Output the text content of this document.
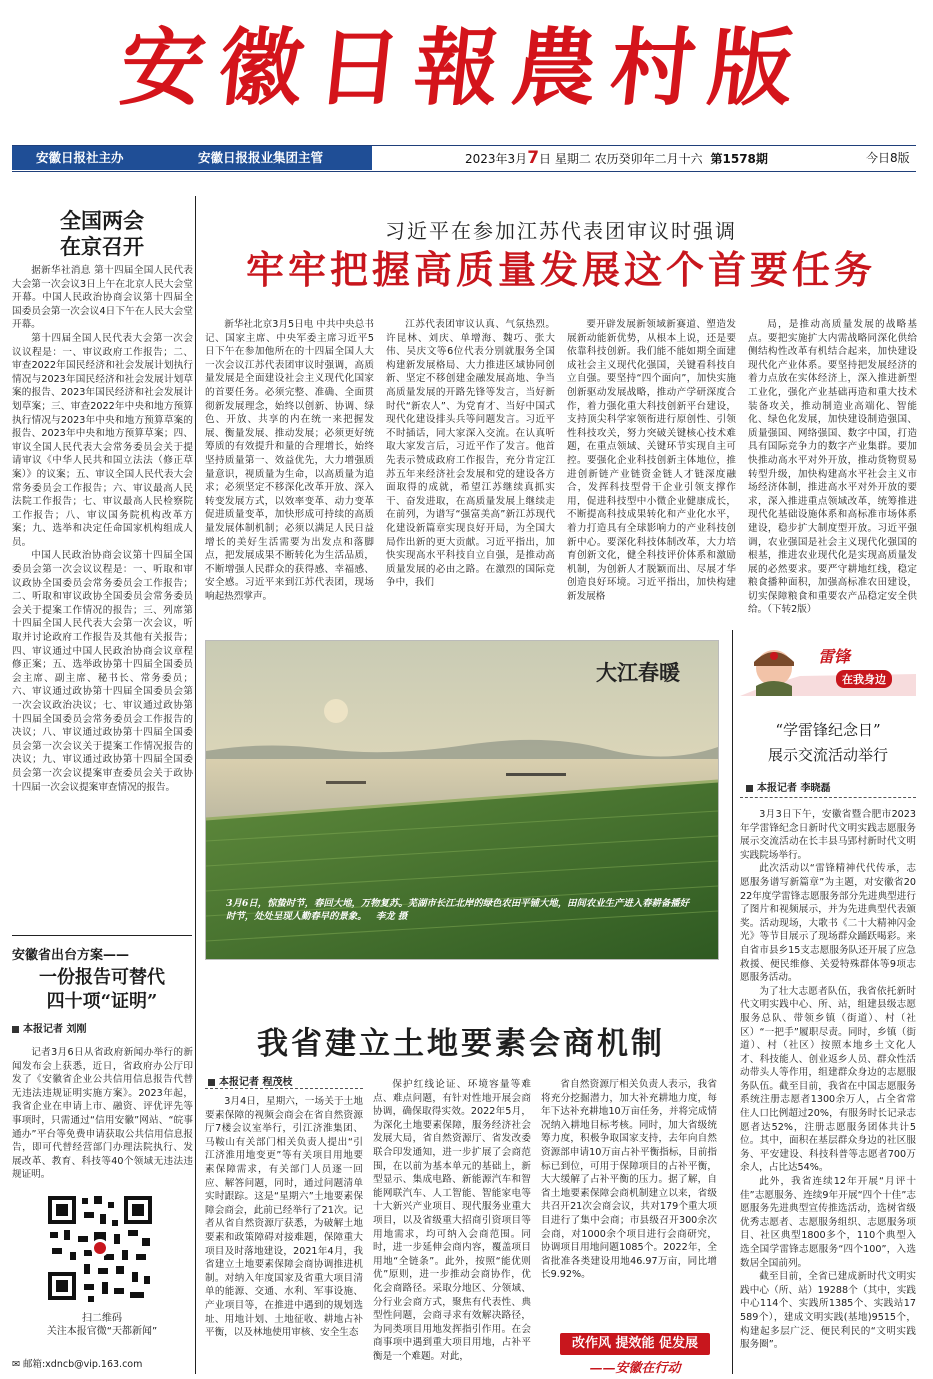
安徽日報農村版
安徽日报社主办	安徽日报报业集团主管	2023年3月7日 星期二 农历癸卯年二月十六 第1578期	今日8版
全国两会
在京召开

据新华社消息 第十四届全国人民代表大会第一次会议3日上午在北京人民大会堂开幕。中国人民政治协商会议第十四届全国委员会第一次会议4日下午在人民大会堂开幕。

第十四届全国人民代表大会第一次会议议程是：一、审议政府工作报告；二、审查2022年国民经济和社会发展计划执行情况与2023年国民经济和社会发展计划草案的报告、2023年国民经济和社会发展计划草案；三、审查2022年中央和地方预算执行情况与2023年中央和地方预算草案的报告、2023年中央和地方预算草案；四、审议全国人民代表大会常务委员会关于提请审议《中华人民共和国立法法（修正草案）》的议案；五、审议全国人民代表大会常务委员会工作报告；六、审议最高人民法院工作报告；七、审议最高人民检察院工作报告；八、审议国务院机构改革方案；九、选举和决定任命国家机构组成人员。

中国人民政治协商会议第十四届全国委员会第一次会议议程是：一、听取和审议政协全国委员会常务委员会工作报告；二、听取和审议政协全国委员会常务委员会关于提案工作情况的报告；三、列席第十四届全国人民代表大会第一次会议，听取并讨论政府工作报告及其他有关报告；四、审议通过中国人民政治协商会议章程修正案；五、选举政协第十四届全国委员会主席、副主席、秘书长、常务委员；六、审议通过政协第十四届全国委员会第一次会议政治决议；七、审议通过政协第十四届全国委员会常务委员会工作报告的决议；八、审议通过政协第十四届全国委员会第一次会议关于提案工作情况报告的决议；九、审议通过政协第十四届全国委员会第一次会议提案审查委员会关于政协十四届一次会议提案审查情况的报告。

安徽省出台方案——
一份报告可替代
四十项“证明”
本报记者 刘刚

记者3月6日从省政府新闻办举行的新闻发布会上获悉，近日，省政府办公厅印发了《安徽省企业公共信用信息报告代替无违法违规证明实施方案》。2023年起，我省企业在申请上市、融资、评优评先等事项时，只需通过“信用安徽”网站、“皖事通办”平台等免费申请获取公共信用信息报告，即可代替经营部门办理法院执行、发展改革、教育、科技等40个领域无违法违规证明。

扫二维码
关注本报官微“天都新闻”
✉ 邮箱:xdncb@vip.163.com
习近平在参加江苏代表团审议时强调
牢牢把握高质量发展这个首要任务

新华社北京3月5日电 中共中央总书记、国家主席、中央军委主席习近平5日下午在参加他所在的十四届全国人大一次会议江苏代表团审议时强调，高质量发展是全面建设社会主义现代化国家的首要任务。必须完整、准确、全面贯彻新发展理念，始终以创新、协调、绿色、开放、共享的内在统一来把握发展、衡量发展、推动发展；必须更好统筹质的有效提升和量的合理增长，始终坚持质量第一、效益优先，大力增强质量意识，视质量为生命，以高质量为追求；必须坚定不移深化改革开放、深入转变发展方式，以效率变革、动力变革促进质量变革，加快形成可持续的高质量发展体制机制；必须以满足人民日益增长的美好生活需要为出发点和落脚点，把发展成果不断转化为生活品质，不断增强人民群众的获得感、幸福感、安全感。习近平来到江苏代表团，现场响起热烈掌声。

江苏代表团审议认真、气氛热烈。许昆林、刘庆、单增海、魏巧、张大伟、吴庆文等6位代表分别就服务全国构建新发展格局、大力推进区域协同创新、坚定不移创建金融发展高地、争当高质量发展的开路先锋等发言，当好新时代“新农人”、为党育才、当好中国式现代化建设排头兵等问题发言。习近平不时插话，同大家深入交流。在认真听取大家发言后，习近平作了发言。他首先表示赞成政府工作报告，充分肯定江苏五年来经济社会发展和党的建设各方面取得的成就，希望江苏继续真抓实干、奋发进取，在高质量发展上继续走在前列，为谱写“强富美高”新江苏现代化建设新篇章实现良好开局，为全国大局作出新的更大贡献。习近平指出，加快实现高水平科技自立自强，是推动高质量发展的必由之路。在激烈的国际竞争中，我们

要开辟发展新领域新赛道、塑造发展新动能新优势，从根本上说，还是要依靠科技创新。我们能不能如期全面建成社会主义现代化强国，关键看科技自立自强。要坚持“四个面向”，加快实施创新驱动发展战略，推动产学研深度合作，着力强化重大科技创新平台建设，支持顶尖科学家领衔进行原创性、引领性科技攻关，努力突破关键核心技术难题，在重点领域、关键环节实现自主可控。要强化企业科技创新主体地位，推进创新链产业链资金链人才链深度融合，发挥科技型骨干企业引领支撑作用，促进科技型中小微企业健康成长，不断提高科技成果转化和产业化水平，着力打造具有全球影响力的产业科技创新中心。要深化科技体制改革，大力培育创新文化，健全科技评价体系和激励机制，为创新人才脱颖而出、尽展才华创造良好环境。习近平指出，加快构建新发展格

局，是推动高质量发展的战略基点。要把实施扩大内需战略同深化供给侧结构性改革有机结合起来，加快建设现代化产业体系。要坚持把发展经济的着力点放在实体经济上，深入推进新型工业化，强化产业基础再造和重大技术装备攻关，推动制造业高端化、智能化、绿色化发展，加快建设制造强国、质量强国、网络强国、数字中国，打造具有国际竞争力的数字产业集群。要加快推动高水平对外开放，推动货物贸易转型升级，加快构建高水平社会主义市场经济体制，推进高水平对外开放的要求，深入推进重点领域改革，统筹推进现代化基础设施体系和高标准市场体系建设，稳步扩大制度型开放。习近平强调，农业强国是社会主义现代化强国的根基，推进农业现代化是实现高质量发展的必然要求。要严守耕地红线，稳定粮食播种面积，加强高标准农田建设，切实保障粮食和重要农产品稳定安全供给。（下转2版）

大江春暖
3月6日，惊蛰时节，春回大地，万物复苏。芜湖市长江北岸的绿色农田平铺大地，田间农业生产进入春耕备播好时节，处处呈现人勤春早的景象。 李龙 摄
我省建立土地要素会商机制
本报记者 程茂枝

3月4日，星期六，一场关于土地要素保障的视频会商会在省自然资源厅7楼会议室举行，引江济淮集团、马鞍山有关部门相关负责人提出“引江济淮用地变更”等有关项目用地要素保障需求，有关部门人员逐一回应、解答问题，同时，通过问题清单实时跟踪。这是“星期六”土地要素保障会商会，此前已经举行了21次。记者从省自然资源厅获悉，为破解土地要素和政策障碍对接难题，保障重大项目及时落地建设，2021年4月，我省建立土地要素保障会商协调推进机制。对纳入年度国家及省重大项目清单的能源、交通、水利、军事设施、产业项目等，在推进中遇到的规划选址、用地计划、土地征收、耕地占补平衡，以及林地使用审核、安全生态

保护红线论证、环境容量等难点、难点问题，有针对性地开展会商协调，确保取得实效。2022年5月，为深化土地要素保障，服务经济社会发展大局，省自然资源厅、省发改委联合印发通知，进一步扩展了会商范围，在以前为基本单元的基础上，新型显示、集成电路、新能源汽车和智能网联汽车、人工智能、智能家电等十大新兴产业项目、现代服务业重大项目，以及省级重大招商引资项目等用地需求，均可纳入会商范围。同时，进一步延伸会商内容，覆盖项目用地“全链条”。此外，按照“能优则优”原则，进一步推动会商协作，优化会商路径。采取分地区、分领域、分行业会商方式，聚焦有代表性、典型性问题，会商寻求有效解决路径，为同类项目用地发挥指引作用。在会商事项中遇到重大项目用地，占补平衡是一个难题。对此，

省自然资源厅相关负责人表示，我省将充分挖掘潜力，加大补充耕地力度，每年下达补充耕地10万亩任务，并将完成情况纳入耕地目标考核。同时，加大省级统筹力度，积极争取国家支持，去年向自然资源部申请10万亩占补平衡指标，目前指标已到位，可用于保障项目的占补平衡，大大缓解了占补平衡的压力。据了解，自省土地要素保障会商机制建立以来，省级共召开21次会商会议，共对179个重大项目进行了集中会商；市县级召开300余次会商，对1000余个项目进行会商研究，协调项目用地问题1085个。2022年，全省批准各类建设用地46.97万亩，同比增长9.92%。

改作风 提效能 促发展
——安徽在行动
雷锋
在我身边
“学雷锋纪念日”
展示交流活动举行
本报记者 李晓磊

3月3日下午，安徽省暨合肥市2023年学雷锋纪念日新时代文明实践志愿服务展示交流活动在长丰县马郢村新时代文明实践院场举行。

此次活动以“雷锋精神代代传承，志愿服务谱写新篇章”为主题，对安徽省2022年度学雷锋志愿服务部分先进典型进行了图片和视频展示，并为先进典型代表颁奖。活动现场，大歌书《二十大精神闪金光》等节目展示了现场群众踊跃喝彩。来自省市县乡15支志愿服务队还开展了应急救援、便民维修、关爱特殊群体等9项志愿服务活动。

为了壮大志愿者队伍，我省依托新时代文明实践中心、所、站，组建县级志愿服务总队、带领乡镇（街道）、村（社区）“一把手”履职尽责。同时，乡镇（街道）、村（社区）按照本地乡土文化人才、科技能人、创业返乡人员、群众性活动带头人等作用，组建群众身边的志愿服务队伍。截至目前，我省在中国志愿服务系统注册志愿者1300余万人，占全省常住人口比例超过20%，有服务时长记录志愿者达52%，注册志愿服务团体共计5位。其中，面积在基层群众身边的社区服务、平安建设、科技科普等志愿者700万余人，占比达54%。

此外，我省连续12年开展“月评十佳”志愿服务、连续9年开展“四个十佳”志愿服务先进典型宣传推选活动，选树省级优秀志愿者、志愿服务组织、志愿服务项目、社区典型1800多个，110个典型入选全国学雷锋志愿服务“四个100”，入选数居全国前列。

截至目前，全省已建成新时代文明实践中心（所、站）19288个（其中，实践中心114个、实践所1385个、实践站17589个），建成文明实践(基地)9515个，构建起多层广泛、便民利民的“文明实践服务圈”。
